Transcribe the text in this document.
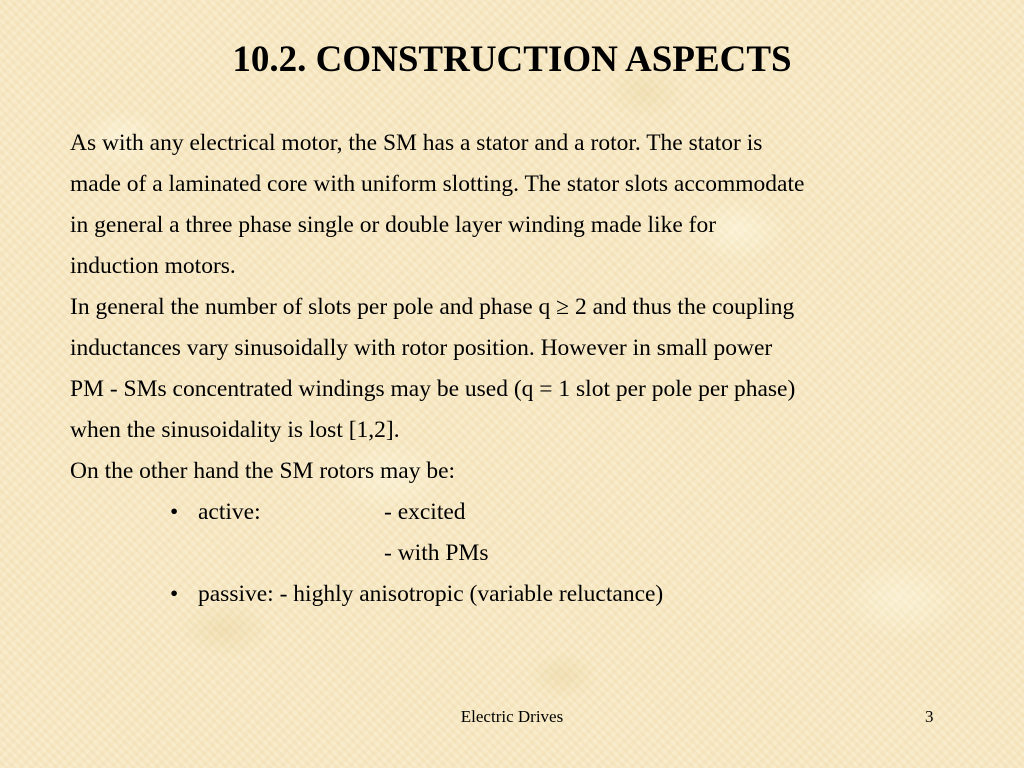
10.2. CONSTRUCTION ASPECTS

As with any electrical motor, the SM has a stator and a rotor. The stator is

made of a laminated core with uniform slotting. The stator slots accommodate

in general a three phase single or double layer winding made like for

induction motors.

In general the number of slots per pole and phase q ≥ 2 and thus the coupling

inductances vary sinusoidally with rotor position. However in small power

PM - SMs concentrated windings may be used (q = 1 slot per pole per phase)

when the sinusoidality is lost [1,2].

On the other hand the SM rotors may be:

• active:	- excited
- with PMs
• passive: - highly anisotropic (variable reluctance)

Electric Drives	3
